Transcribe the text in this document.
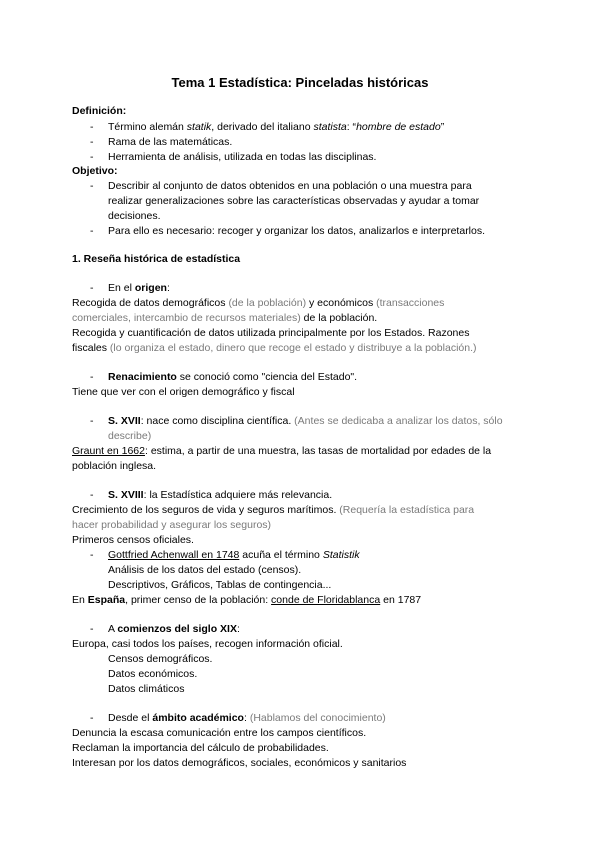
Tema 1 Estadística: Pinceladas históricas
Definición:
- Término alemán statik, derivado del italiano statista: “hombre de estado”
- Rama de las matemáticas.
- Herramienta de análisis, utilizada en todas las disciplinas.
Objetivo:
- Describir al conjunto de datos obtenidos en una población o una muestra para
realizar generalizaciones sobre las características observadas y ayudar a tomar
decisiones.
- Para ello es necesario: recoger y organizar los datos, analizarlos e interpretarlos.
1. Reseña histórica de estadística
- En el origen:
Recogida de datos demográficos (de la población) y económicos (transacciones
comerciales, intercambio de recursos materiales) de la población.
Recogida y cuantificación de datos utilizada principalmente por los Estados. Razones
fiscales (lo organiza el estado, dinero que recoge el estado y distribuye a la población.)
- Renacimiento se conoció como "ciencia del Estado".
Tiene que ver con el origen demográfico y fiscal
- S. XVII: nace como disciplina científica. (Antes se dedicaba a analizar los datos, sólo
describe)
Graunt en 1662: estima, a partir de una muestra, las tasas de mortalidad por edades de la
población inglesa.
- S. XVIII: la Estadística adquiere más relevancia.
Crecimiento de los seguros de vida y seguros marítimos. (Requería la estadística para
hacer probabilidad y asegurar los seguros)
Primeros censos oficiales.
- Gottfried Achenwall en 1748 acuña el término Statistik
Análisis de los datos del estado (censos).
Descriptivos, Gráficos, Tablas de contingencia...
En España, primer censo de la población: conde de Floridablanca en 1787
- A comienzos del siglo XIX:
Europa, casi todos los países, recogen información oficial.
Censos demográficos.
Datos económicos.
Datos climáticos
- Desde el ámbito académico: (Hablamos del conocimiento)
Denuncia la escasa comunicación entre los campos científicos.
Reclaman la importancia del cálculo de probabilidades.
Interesan por los datos demográficos, sociales, económicos y sanitarios
